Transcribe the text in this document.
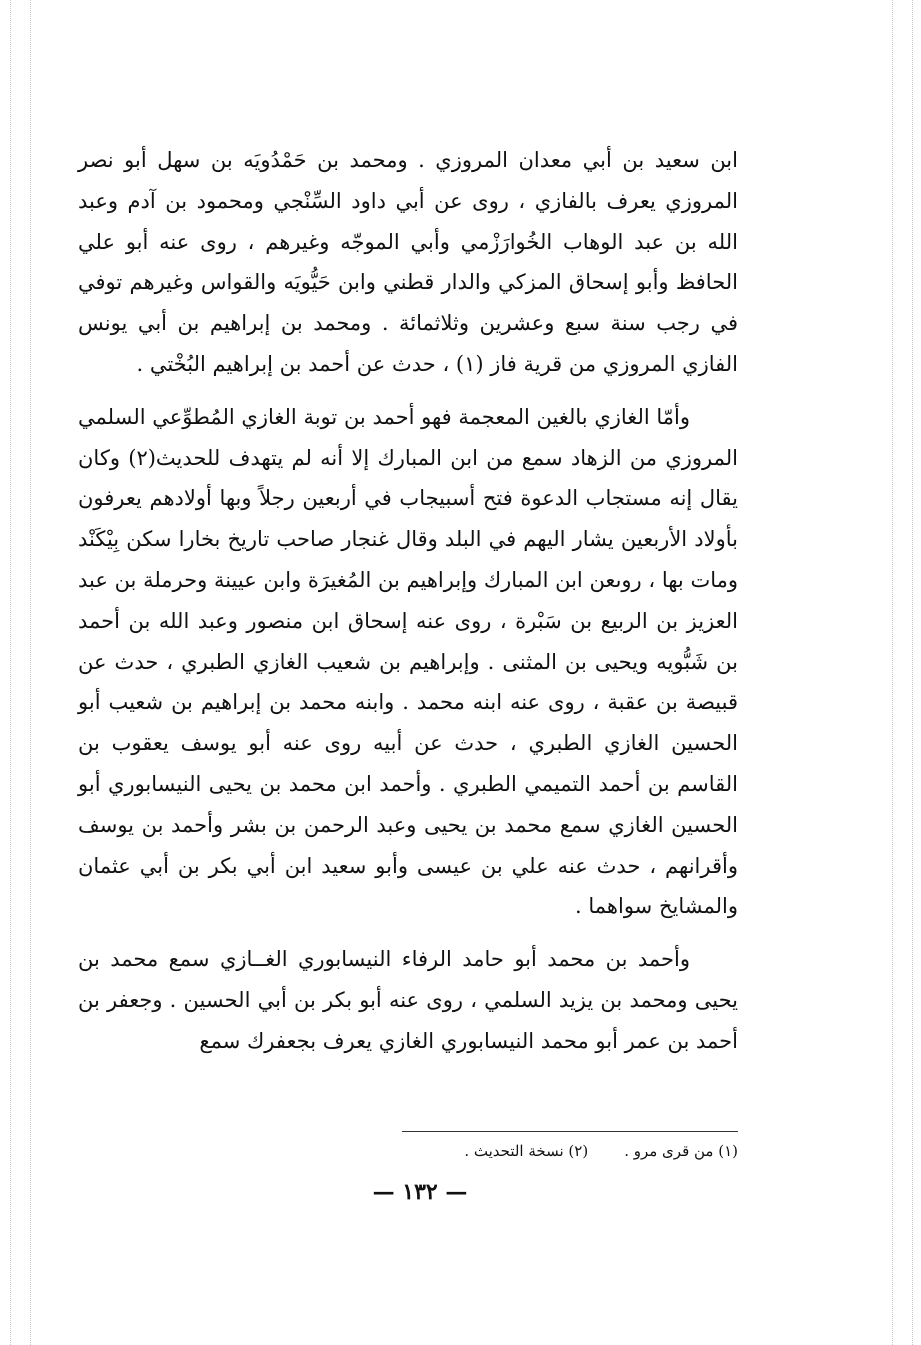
ابن سعيد بن أبي معدان المروزي . ومحمد بن حَمْدُويَه بن سهل أبو نصر المروزي يعرف بالفازي ، روى عن أبي داود السِّنْجي ومحمود بن آدم وعبد الله بن عبد الوهاب الخُوارَزْمي وأبي الموجّه وغيرهم ، روى عنه أبو علي الحافظ وأبو إسحاق المزكي والدار قطني وابن حَيُّويَه والقواس وغيرهم توفي في رجب سنة سبع وعشرين وثلاثمائة . ومحمد بن إبراهيم بن أبي يونس الفازي المروزي من قرية فاز (١) ، حدث عن أحمد بن إبراهيم البُخْتي .

وأمّا الغازي بالغين المعجمة فهو أحمد بن توبة الغازي المُطوِّعي السلمي المروزي من الزهاد سمع من ابن المبارك إلا أنه لم يتهدف للحديث(٢) وكان يقال إنه مستجاب الدعوة فتح أسبيجاب في أربعين رجلاً وبها أولادهم يعرفون بأولاد الأربعين يشار اليهم في البلد وقال غنجار صاحب تاريخ بخارا سكن بِيْكَنْد ومات بها ، روىعن ابن المبارك وإبراهيم بن المُغيرَة وابن عيينة وحرملة بن عبد العزيز بن الربيع بن سَبْرة ، روى عنه إسحاق ابن منصور وعبد الله بن أحمد بن شَبُّويه ويحيى بن المثنى . وإبراهيم بن شعيب الغازي الطبري ، حدث عن قبيصة بن عقبة ، روى عنه ابنه محمد . وابنه محمد بن إبراهيم بن شعيب أبو الحسين الغازي الطبري ، حدث عن أبيه روى عنه أبو يوسف يعقوب بن القاسم بن أحمد التميمي الطبري . وأحمد ابن محمد بن يحيى النيسابوري أبو الحسين الغازي سمع محمد بن يحيى وعبد الرحمن بن بشر وأحمد بن يوسف وأقرانهم ، حدث عنه علي بن عيسى وأبو سعيد ابن أبي بكر بن أبي عثمان والمشايخ سواهما .

وأحمد بن محمد أبو حامد الرفاء النيسابوري الغــازي سمع محمد بن يحيى ومحمد بن يزيد السلمي ، روى عنه أبو بكر بن أبي الحسين . وجعفر بن أحمد بن عمر أبو محمد النيسابوري الغازي يعرف بجعفرك سمع

(١) من قرى مرو .
(٢) نسخة التحديث .
— ١٣٢ —
